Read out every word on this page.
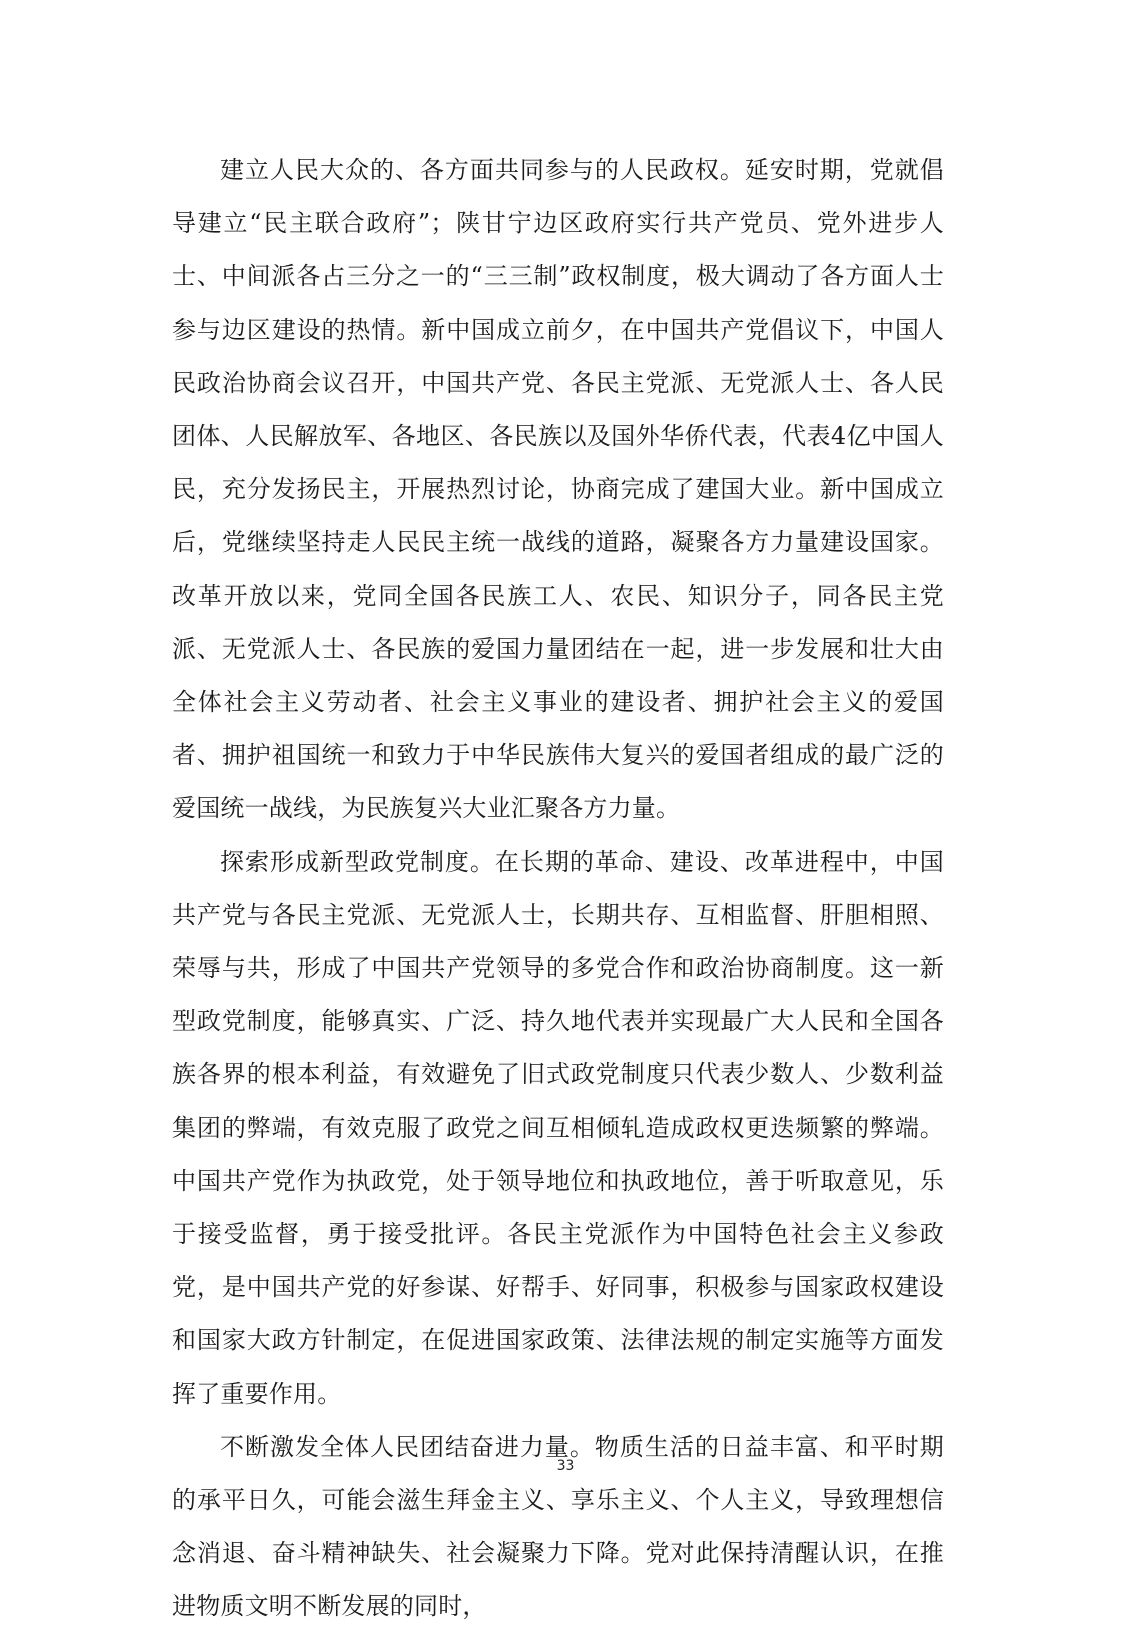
建立人民大众的、各方面共同参与的人民政权。延安时期，党就倡导建立“民主联合政府”；陕甘宁边区政府实行共产党员、党外进步人士、中间派各占三分之一的“三三制”政权制度，极大调动了各方面人士参与边区建设的热情。新中国成立前夕，在中国共产党倡议下，中国人民政治协商会议召开，中国共产党、各民主党派、无党派人士、各人民团体、人民解放军、各地区、各民族以及国外华侨代表，代表4亿中国人民，充分发扬民主，开展热烈讨论，协商完成了建国大业。新中国成立后，党继续坚持走人民民主统一战线的道路，凝聚各方力量建设国家。改革开放以来，党同全国各民族工人、农民、知识分子，同各民主党派、无党派人士、各民族的爱国力量团结在一起，进一步发展和壮大由全体社会主义劳动者、社会主义事业的建设者、拥护社会主义的爱国者、拥护祖国统一和致力于中华民族伟大复兴的爱国者组成的最广泛的爱国统一战线，为民族复兴大业汇聚各方力量。

探索形成新型政党制度。在长期的革命、建设、改革进程中，中国共产党与各民主党派、无党派人士，长期共存、互相监督、肝胆相照、荣辱与共，形成了中国共产党领导的多党合作和政治协商制度。这一新型政党制度，能够真实、广泛、持久地代表并实现最广大人民和全国各族各界的根本利益，有效避免了旧式政党制度只代表少数人、少数利益集团的弊端，有效克服了政党之间互相倾轧造成政权更迭频繁的弊端。中国共产党作为执政党，处于领导地位和执政地位，善于听取意见，乐于接受监督，勇于接受批评。各民主党派作为中国特色社会主义参政党，是中国共产党的好参谋、好帮手、好同事，积极参与国家政权建设和国家大政方针制定，在促进国家政策、法律法规的制定实施等方面发挥了重要作用。

不断激发全体人民团结奋进力量。物质生活的日益丰富、和平时期的承平日久，可能会滋生拜金主义、享乐主义、个人主义，导致理想信念消退、奋斗精神缺失、社会凝聚力下降。党对此保持清醒认识，在推进物质文明不断发展的同时，

33
